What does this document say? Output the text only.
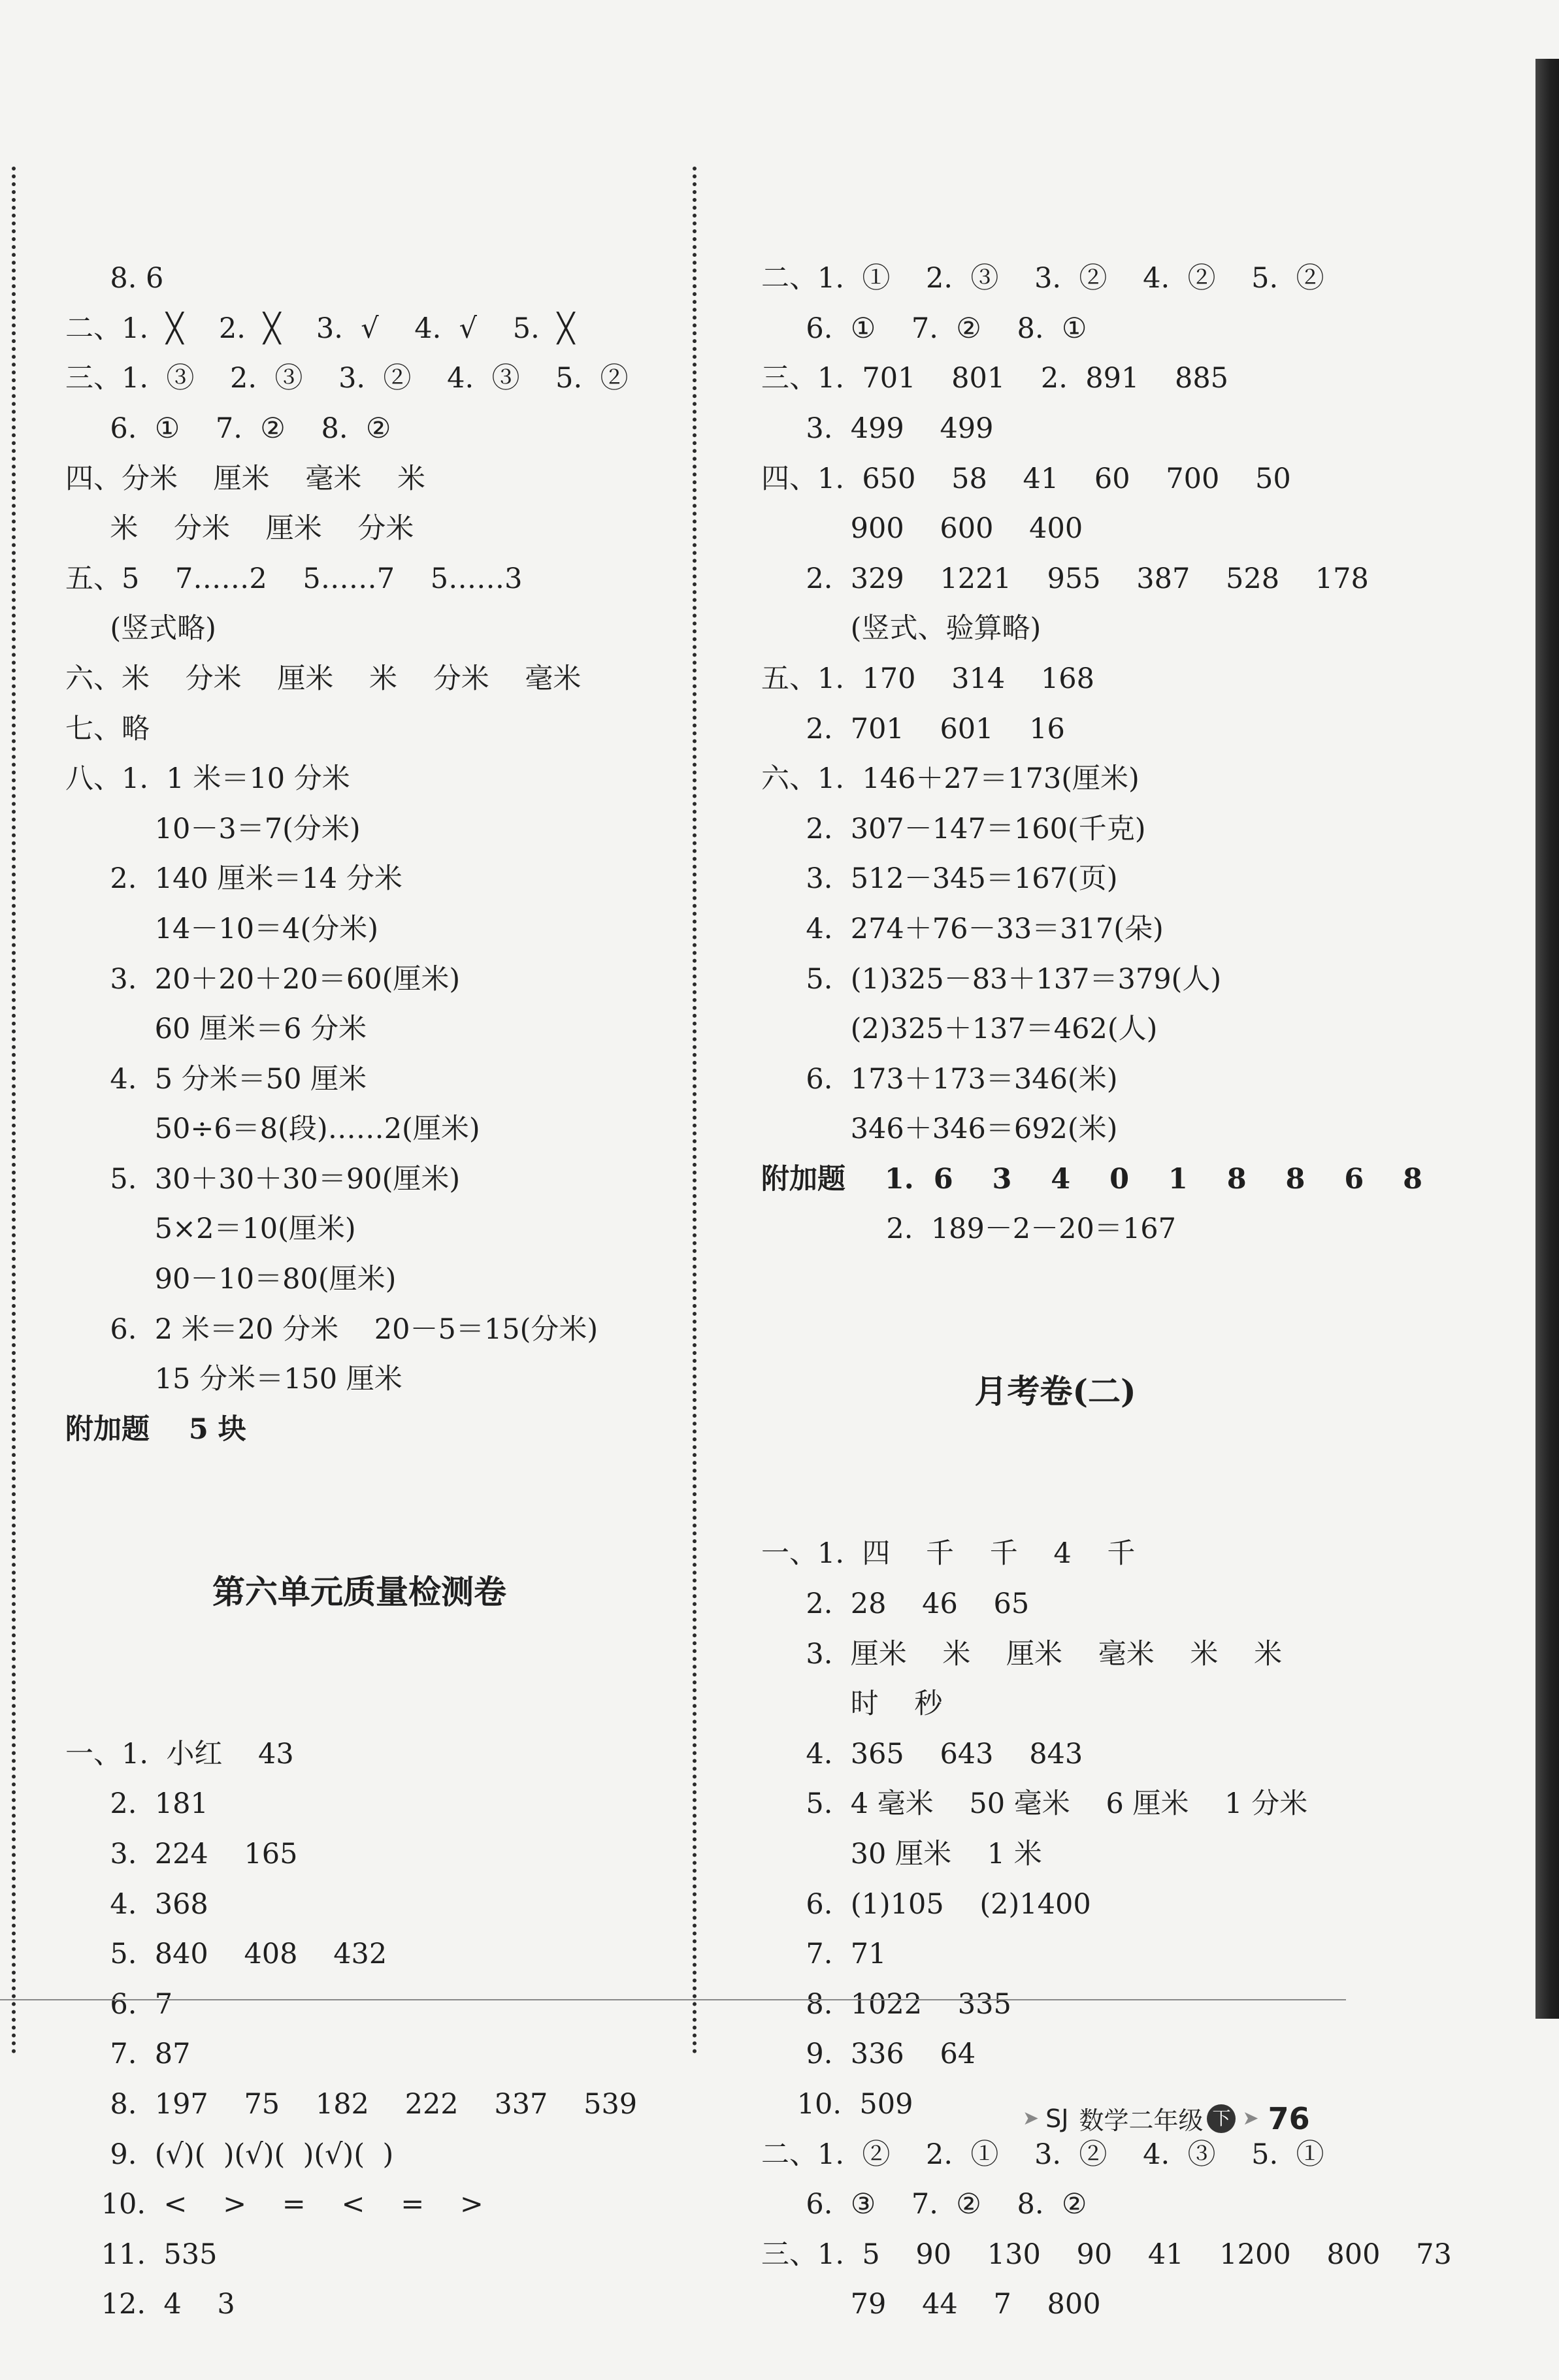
8. 6
二、1.  ╳    2.  ╳    3.  √    4.  √    5.  ╳
三、1.  ③    2.  ③    3.  ②    4.  ③    5.  ②
6.  ①    7.  ②    8.  ②
四、分米    厘米    毫米    米
米    分米    厘米    分米
五、5    7……2    5……7    5……3
(竖式略)
六、米    分米    厘米    米    分米    毫米
七、略
八、1.  1 米＝10 分米
10－3＝7(分米)
2.  140 厘米＝14 分米
14－10＝4(分米)
3.  20＋20＋20＝60(厘米)
60 厘米＝6 分米
4.  5 分米＝50 厘米
50÷6＝8(段)……2(厘米)
5.  30＋30＋30＝90(厘米)
5×2＝10(厘米)
90－10＝80(厘米)
6.  2 米＝20 分米    20－5＝15(分米)
15 分米＝150 厘米
附加题    5 块

第六单元质量检测卷

一、1.  小红    43
2.  181
3.  224    165
4.  368
5.  840    408    432
6.  7
7.  87
8.  197    75    182    222    337    539
9.  (√)(  )(√)(  )(√)(  )
10.  <    >    =    <    =    >
11.  535
12.  4    3

二、1.  ①    2.  ③    3.  ②    4.  ②    5.  ②
6.  ①    7.  ②    8.  ①
三、1.  701    801    2.  891    885
3.  499    499
四、1.  650    58    41    60    700    50
900    600    400
2.  329    1221    955    387    528    178
(竖式、验算略)
五、1.  170    314    168
2.  701    601    16
六、1.  146＋27＝173(厘米)
2.  307－147＝160(千克)
3.  512－345＝167(页)
4.  274＋76－33＝317(朵)
5.  (1)325－83＋137＝379(人)
(2)325＋137＝462(人)
6.  173＋173＝346(米)
346＋346＝692(米)
附加题    1.  6    3    4    0    1    8    8    6    8
2.  189－2－20＝167

月考卷(二)

一、1.  四    千    千    4    千
2.  28    46    65
3.  厘米    米    厘米    毫米    米    米
时    秒
4.  365    643    843
5.  4 毫米    50 毫米    6 厘米    1 分米
30 厘米    1 米
6.  (1)105    (2)1400
7.  71
8.  1022    335
9.  336    64
10.  509
二、1.  ②    2.  ①    3.  ②    4.  ③    5.  ①
6.  ③    7.  ②    8.  ②
三、1.  5    90    130    90    41    1200    800    73
79    44    7    800

➤ SJ 数学二年级 下 ➤ 76
